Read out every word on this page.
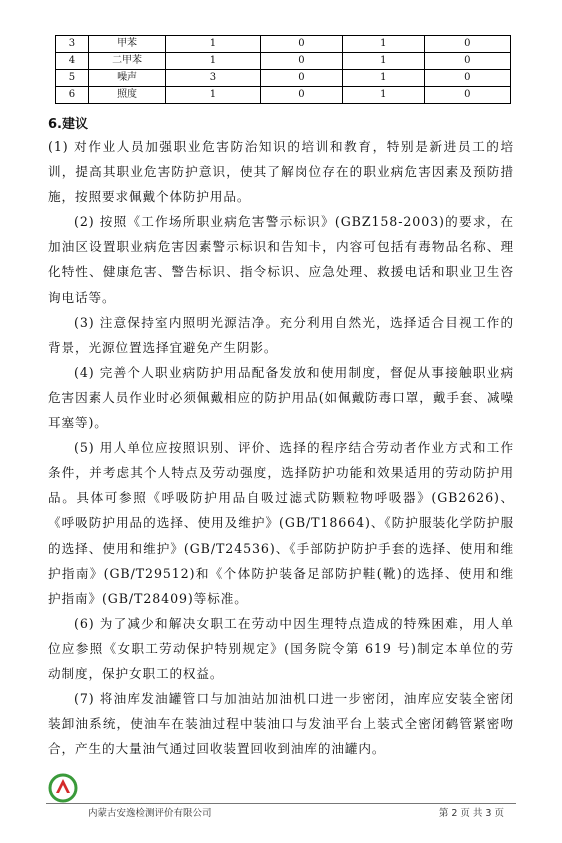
3	甲苯	1	0	1	0
4	二甲苯	1	0	1	0
5	噪声	3	0	1	0
6	照度	1	0	1	0
6.建议

(1) 对作业人员加强职业危害防治知识的培训和教育，特别是新进员工的培训，提高其职业危害防护意识，使其了解岗位存在的职业病危害因素及预防措施，按照要求佩戴个体防护用品。

(2) 按照《工作场所职业病危害警示标识》(GBZ158-2003)的要求，在加油区设置职业病危害因素警示标识和告知卡，内容可包括有毒物品名称、理化特性、健康危害、警告标识、指令标识、应急处理、救援电话和职业卫生咨询电话等。

(3) 注意保持室内照明光源洁净。充分利用自然光，选择适合目视工作的背景，光源位置选择宜避免产生阴影。

(4) 完善个人职业病防护用品配备发放和使用制度，督促从事接触职业病危害因素人员作业时必须佩戴相应的防护用品(如佩戴防毒口罩，戴手套、减噪耳塞等)。

(5) 用人单位应按照识别、评价、选择的程序结合劳动者作业方式和工作条件，并考虑其个人特点及劳动强度，选择防护功能和效果适用的劳动防护用品。具体可参照《呼吸防护用品自吸过滤式防颗粒物呼吸器》(GB2626)、《呼吸防护用品的选择、使用及维护》(GB/T18664)、《防护服装化学防护服的选择、使用和维护》(GB/T24536)、《手部防护防护手套的选择、使用和维护指南》(GB/T29512)和《个体防护装备足部防护鞋(靴)的选择、使用和维护指南》(GB/T28409)等标准。

(6) 为了减少和解决女职工在劳动中因生理特点造成的特殊困难，用人单位应参照《女职工劳动保护特别规定》(国务院令第 619 号)制定本单位的劳动制度，保护女职工的权益。

(7) 将油库发油罐管口与加油站加油机口进一步密闭，油库应安装全密闭装卸油系统，使油车在装油过程中装油口与发油平台上装式全密闭鹤管紧密吻合，产生的大量油气通过回收装置回收到油库的油罐内。

内蒙古安逸检测评价有限公司	第 2 页 共 3 页
